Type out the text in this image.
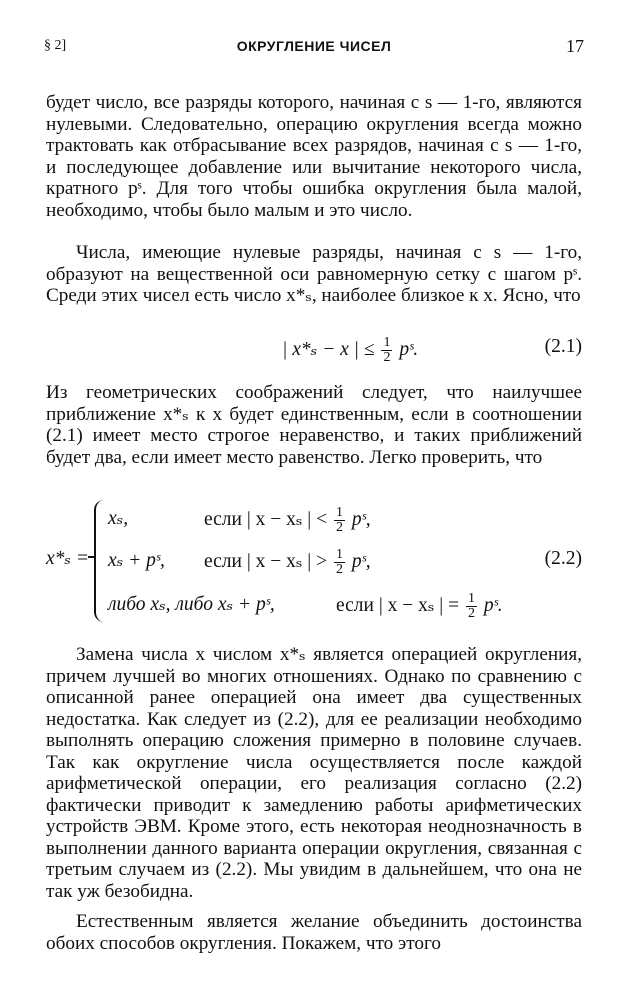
§ 2]	ОКРУГЛЕНИЕ ЧИСЕЛ	17

будет число, все разряды которого, начиная с s — 1-го, являются нулевыми. Следовательно, операцию округления всегда можно трактовать как отбрасывание всех разрядов, начиная с s — 1-го, и последующее добавление или вычитание некоторого числа, кратного pˢ. Для того чтобы ошибка округления была малой, необходимо, чтобы было малым и это число.

Числа, имеющие нулевые разряды, начиная с s — 1-го, образуют на вещественной оси равномерную сетку с шагом pˢ. Среди этих чисел есть число x*ₛ, наиболее близкое к x. Ясно, что

| x*ₛ − x | ≤ $\frac{1}{2}$ pˢ.	(2.1)

Из геометрических соображений следует, что наилучшее приближение x*ₛ к x будет единственным, если в соотношении (2.1) имеет место строгое неравенство, и таких приближений будет два, если имеет место равенство. Легко проверить, что

x*ₛ =
xₛ,	если | x − xₛ | < $\frac{1}{2}$ pˢ,
xₛ + pˢ, если | x − xₛ | > $\frac{1}{2}$ pˢ,
либо xₛ, либо xₛ + pˢ,	если | x − xₛ | = $\frac{1}{2}$ pˢ.
(2.2)

Замена числа x числом x*ₛ является операцией округления, причем лучшей во многих отношениях. Однако по сравнению с описанной ранее операцией она имеет два существенных недостатка. Как следует из (2.2), для ее реализации необходимо выполнять операцию сложения примерно в половине случаев. Так как округление числа осуществляется после каждой арифметической операции, его реализация согласно (2.2) фактически приводит к замедлению работы арифметических устройств ЭВМ. Кроме этого, есть некоторая неоднозначность в выполнении данного варианта операции округления, связанная с третьим случаем из (2.2). Мы увидим в дальнейшем, что она не так уж безобидна.

Естественным является желание объединить достоинства обоих способов округления. Покажем, что этого
